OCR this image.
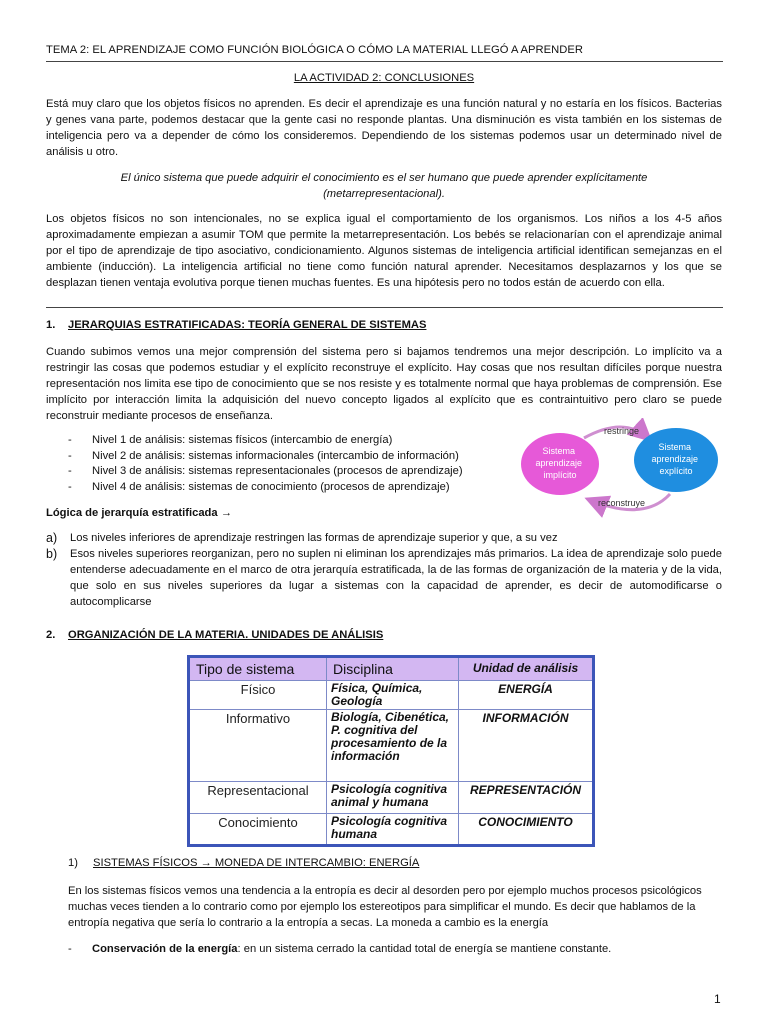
TEMA 2: EL APRENDIZAJE COMO FUNCIÓN BIOLÓGICA O CÓMO LA MATERIAL LLEGÓ A APRENDER
LA ACTIVIDAD 2: CONCLUSIONES

Está muy claro que los objetos físicos no aprenden. Es decir el aprendizaje es una función natural y no estaría en los físicos. Bacterias y genes vana parte, podemos destacar que la gente casi no responde plantas. Una disminución es vista también en los sistemas de inteligencia pero va a depender de cómo los consideremos. Dependiendo de los sistemas podemos usar un determinado nivel de análisis u otro.

El único sistema que puede adquirir el conocimiento es el ser humano que puede aprender explícitamente (metarrepresentacional).

Los objetos físicos no son intencionales, no se explica igual el comportamiento de los organismos. Los niños a los 4-5 años aproximadamente empiezan a asumir TOM que permite la metarrepresentación. Los bebés se relacionarían con el aprendizaje animal por el tipo de aprendizaje de tipo asociativo, condicionamiento. Algunos sistemas de inteligencia artificial identifican semejanzas en el ambiente (inducción). La inteligencia artificial no tiene como función natural aprender. Necesitamos desplazarnos y los que se desplazan tienen ventaja evolutiva porque tienen muchas fuentes. Es una hipótesis pero no todos están de acuerdo con ella.

1. JERARQUIAS ESTRATIFICADAS: TEORÍA GENERAL DE SISTEMAS

Cuando subimos vemos una mejor comprensión del sistema pero si bajamos tendremos una mejor descripción. Lo implícito va a restringir las cosas que podemos estudiar y el explícito reconstruye el explícito. Hay cosas que nos resultan difíciles porque nuestra representación nos limita ese tipo de conocimiento que se nos resiste y es totalmente normal que haya problemas de comprensión. Ese implícito por interacción limita la adquisición del nuevo concepto ligados al explícito que es contraintuitivo pero claro se puede reconstruir mediante procesos de enseñanza.

- Nivel 1 de análisis: sistemas físicos (intercambio de energía)
- Nivel 2 de análisis: sistemas informacionales (intercambio de información)
- Nivel 3 de análisis: sistemas representacionales (procesos de aprendizaje)
- Nivel 4 de análisis: sistemas de conocimiento (procesos de aprendizaje)
restringe
Sistema aprendizaje implícito
Sistema aprendizaje explícito
reconstruye
Lógica de jerarquía estratificada →
a) Los niveles inferiores de aprendizaje restringen las formas de aprendizaje superior y que, a su vez
b) Esos niveles superiores reorganizan, pero no suplen ni eliminan los aprendizajes más primarios. La idea de aprendizaje solo puede entenderse adecuadamente en el marco de otra jerarquía estratificada, la de las formas de organización de la materia y de la vida, que solo en sus niveles superiores da lugar a sistemas con la capacidad de aprender, es decir de automodificarse o autocomplicarse
2. ORGANIZACIÓN DE LA MATERIA. UNIDADES DE ANÁLISIS
Tipo de sistema	Disciplina	Unidad de análisis
Físico	Física, Química, Geología	ENERGÍA
Informativo	Biología, Cibenética, P. cognitiva del procesamiento de la información	INFORMACIÓN
Representacional	Psicología cognitiva animal y humana	REPRESENTACIÓN
Conocimiento	Psicología cognitiva humana	CONOCIMIENTO
1) SISTEMAS FÍSICOS → MONEDA DE INTERCAMBIO: ENERGÍA

En los sistemas físicos vemos una tendencia a la entropía es decir al desorden pero por ejemplo muchos procesos psicológicos muchas veces tienden a lo contrario como por ejemplo los estereotipos para simplificar el mundo. Es decir que hablamos de la entropía negativa que sería lo contrario a la entropía a secas. La moneda a cambio es la energía

- Conservación de la energía: en un sistema cerrado la cantidad total de energía se mantiene constante.
1
